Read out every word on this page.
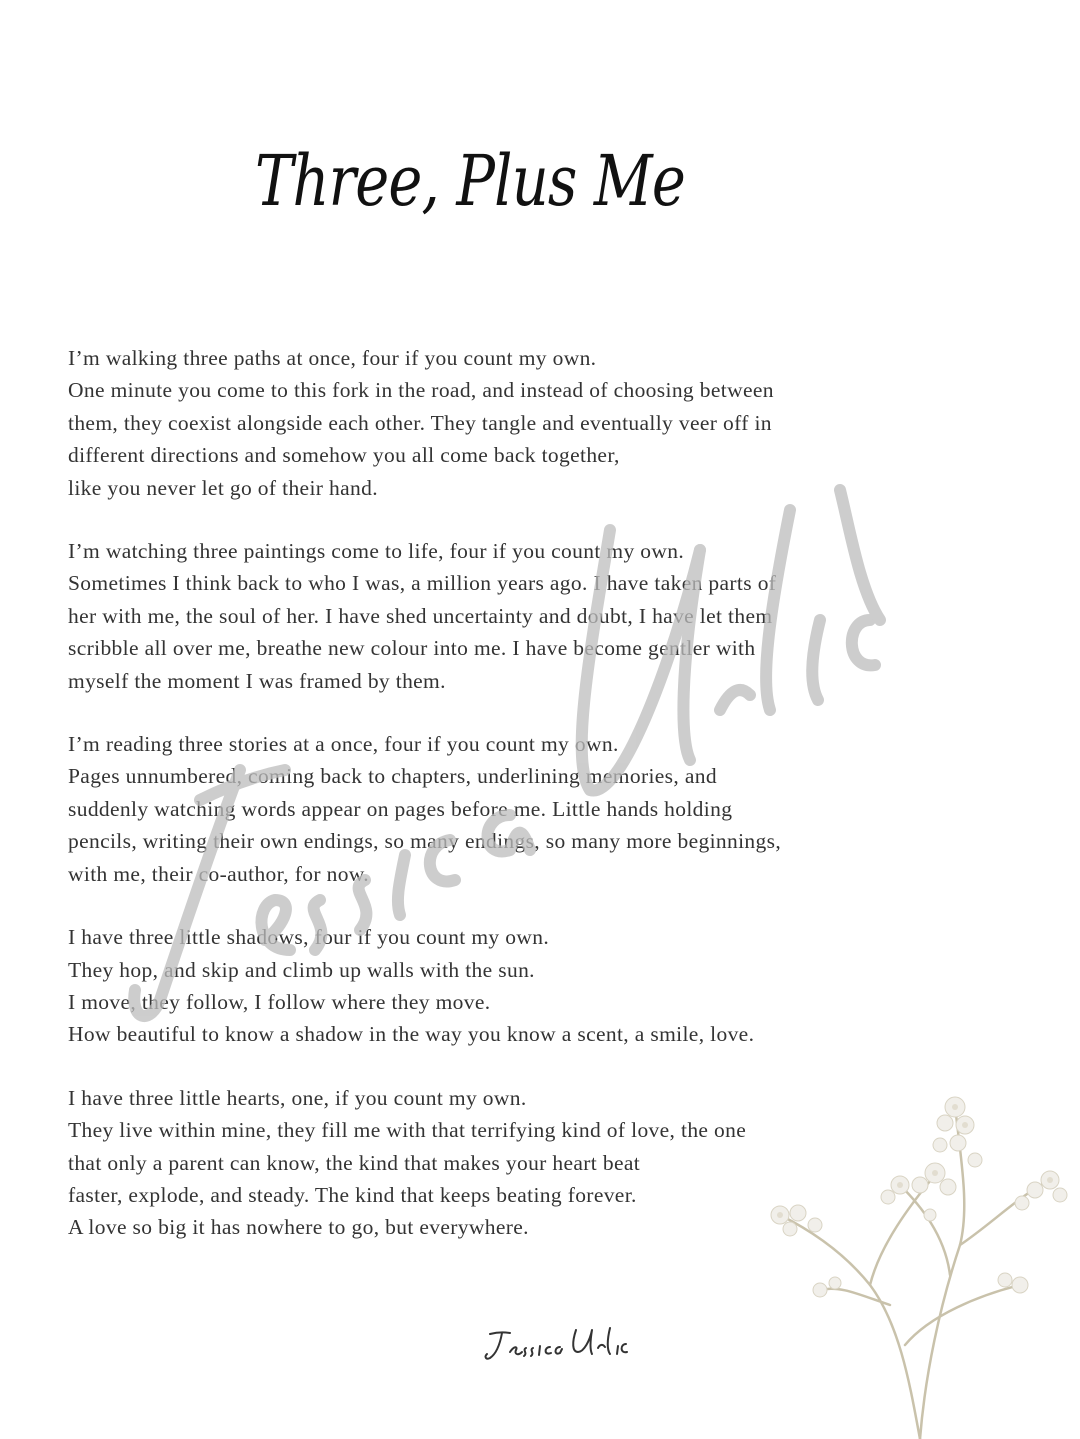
Three, Plus Me
I’m walking three paths at once, four if you count my own.
One minute you come to this fork in the road, and instead of choosing between
them, they coexist alongside each other. They tangle and eventually veer off in
different directions and somehow you all come back together,
like you never let go of their hand.
I’m watching three paintings come to life, four if you count my own.
Sometimes I think back to who I was, a million years ago. I have taken parts of
her with me, the soul of her. I have shed uncertainty and doubt, I have let them
scribble all over me, breathe new colour into me. I have become gentler with
myself the moment I was framed by them.
I’m reading three stories at a once, four if you count my own.
Pages unnumbered, coming back to chapters, underlining memories, and
suddenly watching words appear on pages before me. Little hands holding
pencils, writing their own endings, so many endings, so many more beginnings,
with me, their co-author, for now.
I have three little shadows, four if you count my own.
They hop, and skip and climb up walls with the sun.
I move, they follow, I follow where they move.
How beautiful to know a shadow in the way you know a scent, a smile, love.
I have three little hearts, one, if you count my own.
They live within mine, they fill me with that terrifying kind of love, the one
that only a parent can know, the kind that makes your heart beat
faster, explode, and steady. The kind that keeps beating forever.
A love so big it has nowhere to go, but everywhere.
